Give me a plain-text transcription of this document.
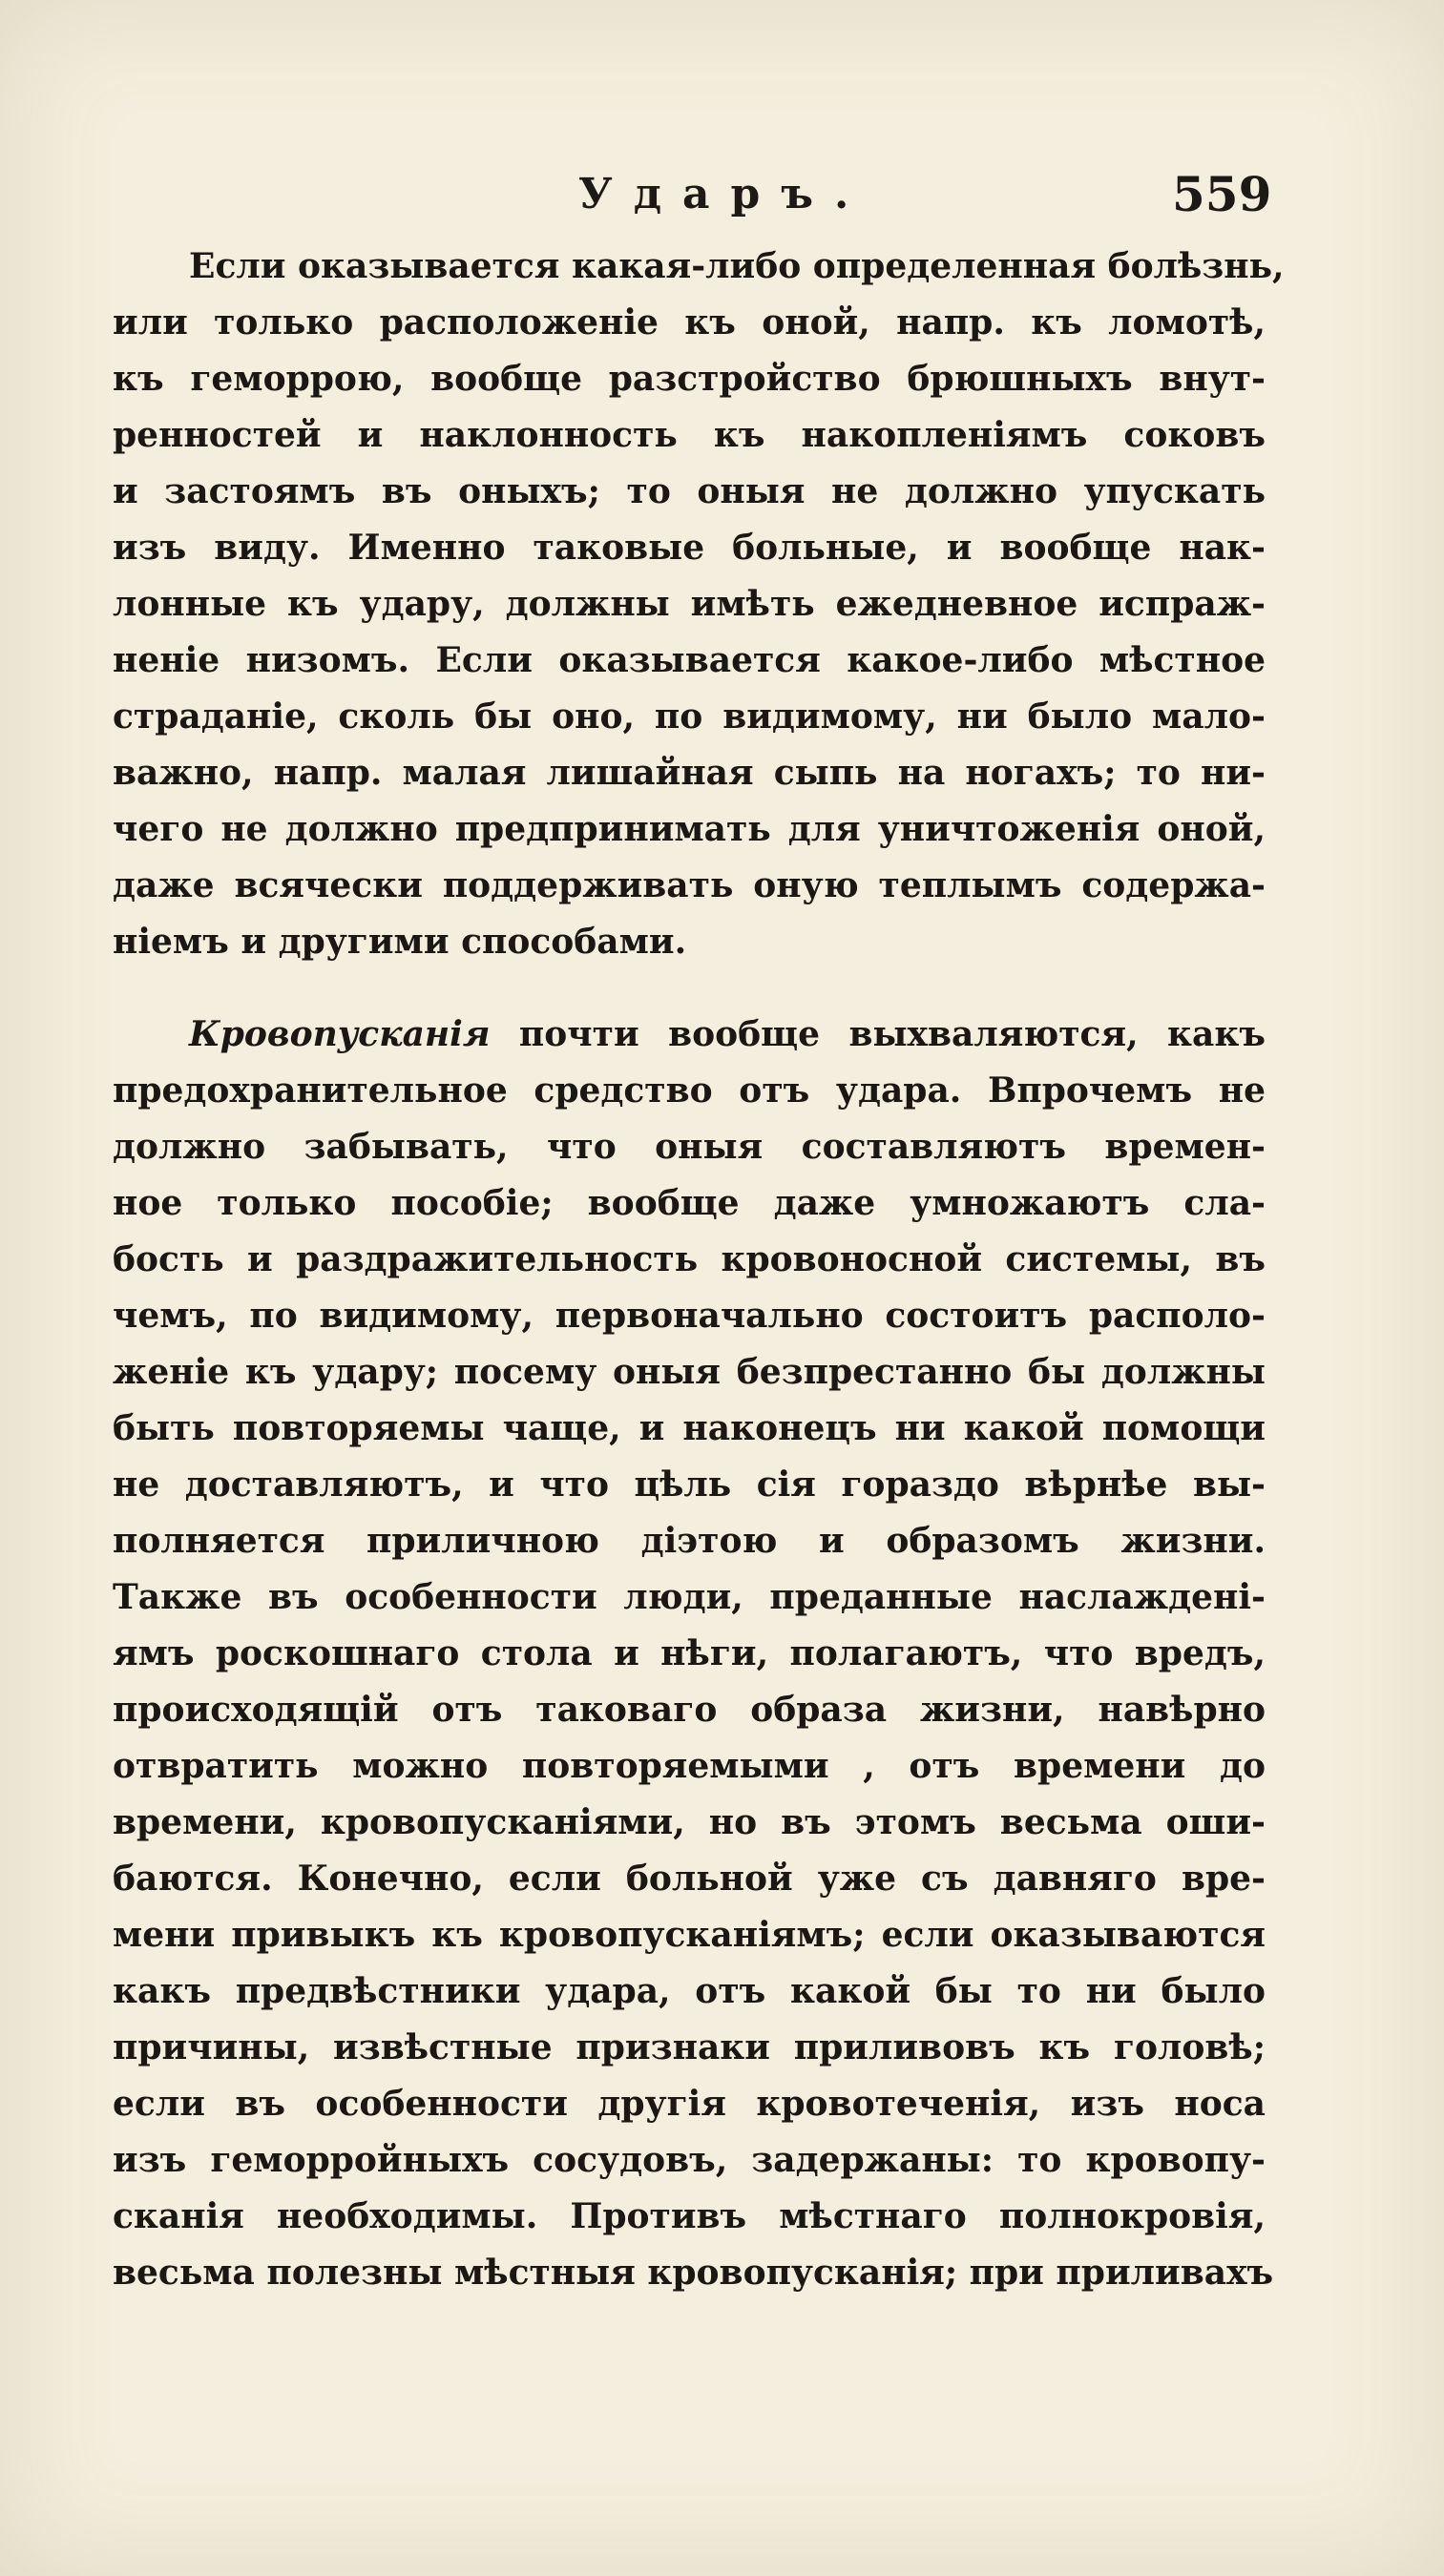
Ударъ.	559
Если оказывается какая-либо определенная болѣзнь,
или только расположеніе къ оной, напр. къ ломотѣ,
къ геморрою, вообще разстройство брюшныхъ внут-
ренностей и наклонность къ накопленіямъ соковъ
и застоямъ въ оныхъ; то оныя не должно упускать
изъ виду. Именно таковые больные, и вообще нак-
лонные къ удару, должны имѣть ежедневное испраж-
неніе низомъ. Если оказывается какое-либо мѣстное
страданіе, сколь бы оно, по видимому, ни было мало-
важно, напр. малая лишайная сыпь на ногахъ; то ни-
чего не должно предпринимать для уничтоженія оной,
даже всячески поддерживать оную теплымъ содержа-
ніемъ и другими способами.
Кровопусканія почти вообще выхваляются, какъ
предохранительное средство отъ удара. Впрочемъ не
должно забывать, что оныя составляютъ времен-
ное только пособіе; вообще даже умножаютъ сла-
бость и раздражительность кровоносной системы, въ
чемъ, по видимому, первоначально состоитъ располо-
женіе къ удару; посему оныя безпрестанно бы должны
быть повторяемы чаще, и наконецъ ни какой помощи
не доставляютъ, и что цѣль сія гораздо вѣрнѣе вы-
полняется приличною діэтою и образомъ жизни.
Также въ особенности люди, преданные наслаждені-
ямъ роскошнаго стола и нѣги, полагаютъ, что вредъ,
происходящій отъ таковаго образа жизни, навѣрно
отвратить можно повторяемыми , отъ времени до
времени, кровопусканіями, но въ этомъ весьма оши-
баются. Конечно, если больной уже съ давняго вре-
мени привыкъ къ кровопусканіямъ; если оказываются
какъ предвѣстники удара, отъ какой бы то ни было
причины, извѣстные признаки приливовъ къ головѣ;
если въ особенности другія кровотеченія, изъ носа
изъ геморройныхъ сосудовъ, задержаны: то кровопу-
сканія необходимы. Противъ мѣстнаго полнокровія,
весьма полезны мѣстныя кровопусканія; при приливахъ
